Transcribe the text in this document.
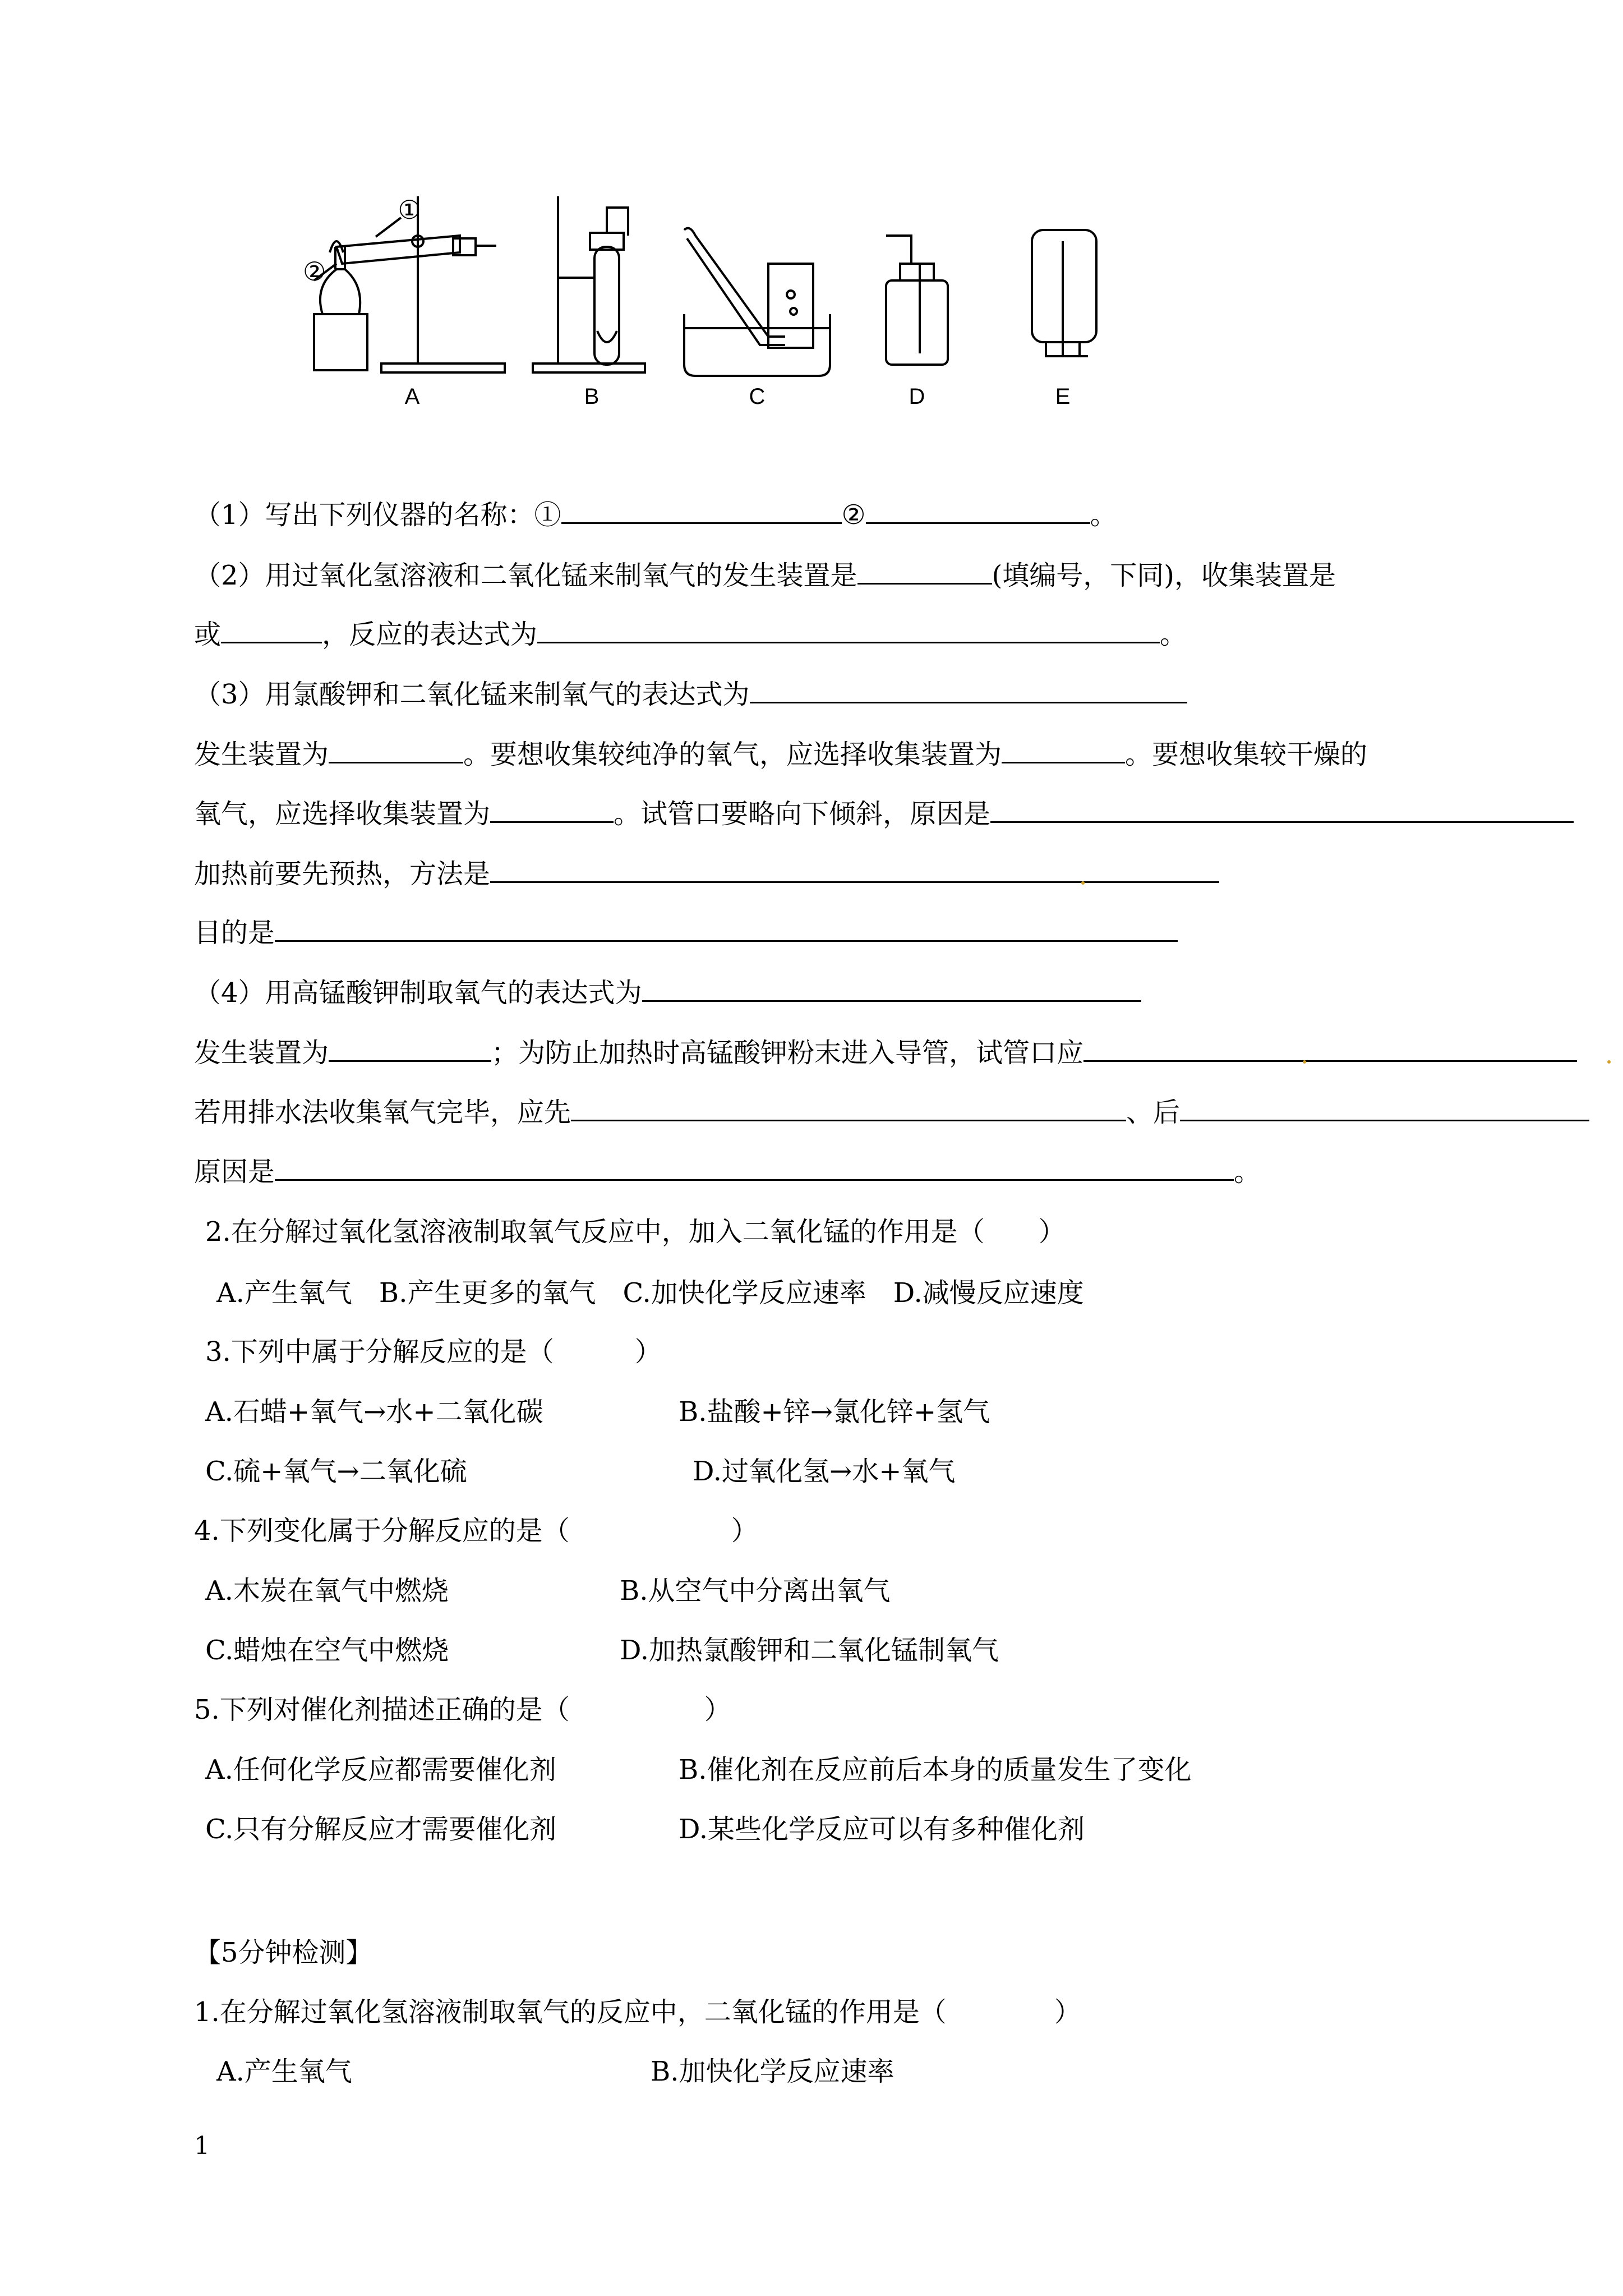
A	B	C	D	E
①
②
（1）写出下列仪器的名称：①	②	。
（2）用过氧化氢溶液和二氧化锰来制氧气的发生装置是	(填编号，下同)，收集装置是
或	，反应的表达式为	。
（3）用氯酸钾和二氧化锰来制氧气的表达式为
发生装置为	。要想收集较纯净的氧气，应选择收集装置为	。要想收集较干燥的
氧气，应选择收集装置为	。试管口要略向下倾斜，原因是
加热前要先预热，方法是
目的是
（4）用高锰酸钾制取氧气的表达式为
发生装置为	；为防止加热时高锰酸钾粉末进入导管，试管口应
若用排水法收集氧气完毕，应先	、后
原因是	。
2.在分解过氧化氢溶液制取氧气反应中，加入二氧化锰的作用是（　　）
A.产生氧气　B.产生更多的氧气　C.加快化学反应速率　D.减慢反应速度
3.下列中属于分解反应的是（　　　）
A.石蜡+氧气→水+二氧化碳	B.盐酸+锌→氯化锌+氢气
C.硫+氧气→二氧化硫	D.过氧化氢→水+氧气
4.下列变化属于分解反应的是（　　　　　　）
A.木炭在氧气中燃烧	B.从空气中分离出氧气
C.蜡烛在空气中燃烧	D.加热氯酸钾和二氧化锰制氧气
5.下列对催化剂描述正确的是（　　　　　）
A.任何化学反应都需要催化剂	B.催化剂在反应前后本身的质量发生了变化
C.只有分解反应才需要催化剂	D.某些化学反应可以有多种催化剂
【5分钟检测】
1.在分解过氧化氢溶液制取氧气的反应中，二氧化锰的作用是（　　　　）
A.产生氧气	B.加快化学反应速率
1
